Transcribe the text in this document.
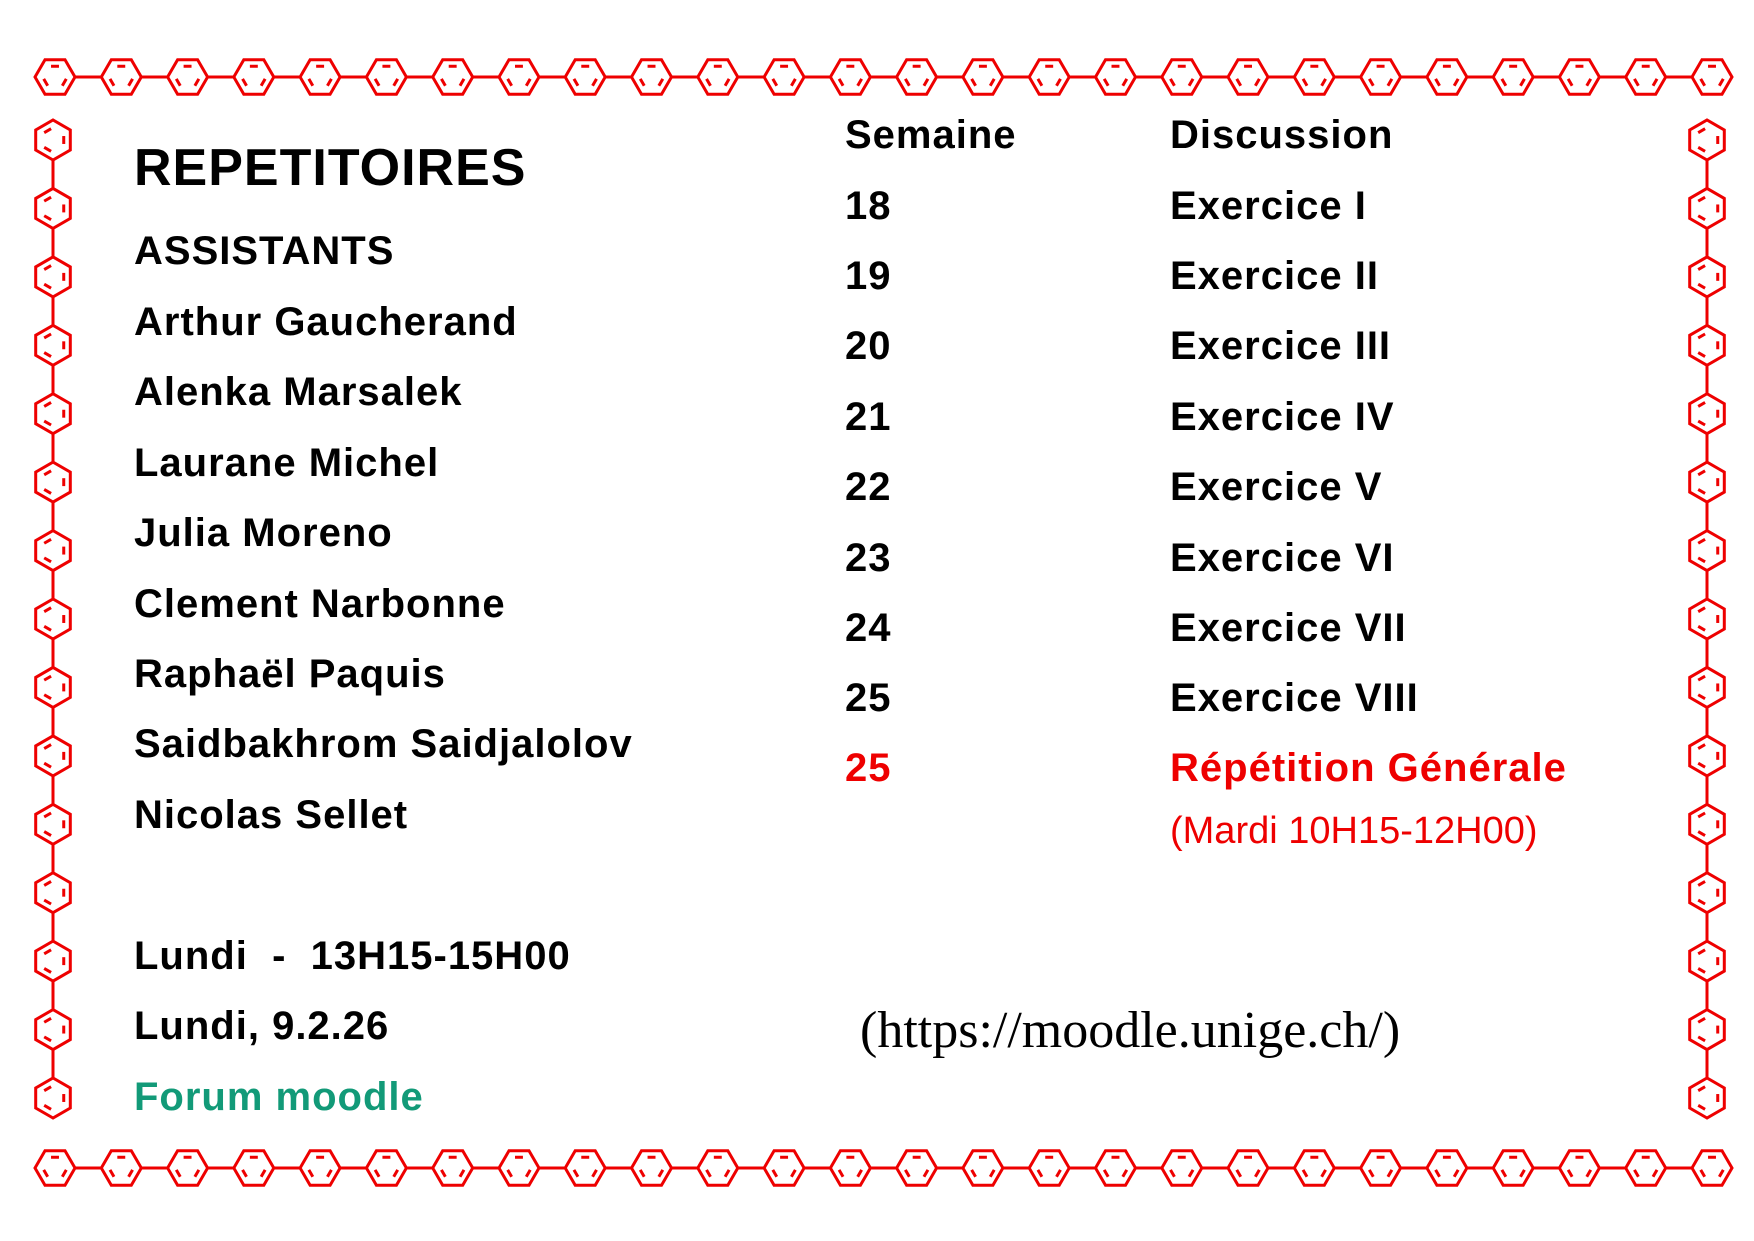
REPETITOIRES
ASSISTANTS
Arthur Gaucherand
Alenka Marsalek
Laurane Michel
Julia Moreno
Clement Narbonne
Raphaël Paquis
Saidbakhrom Saidjalolov
Nicolas Sellet
Lundi  -  13H15-15H00
Lundi, 9.2.26
Forum moodle
Semaine	Discussion
18	Exercice I
19	Exercice II
20	Exercice III
21	Exercice IV
22	Exercice V
23	Exercice VI
24	Exercice VII
25	Exercice VIII
25	Répétition Générale
(Mardi 10H15-12H00)
(https://moodle.unige.ch/)
